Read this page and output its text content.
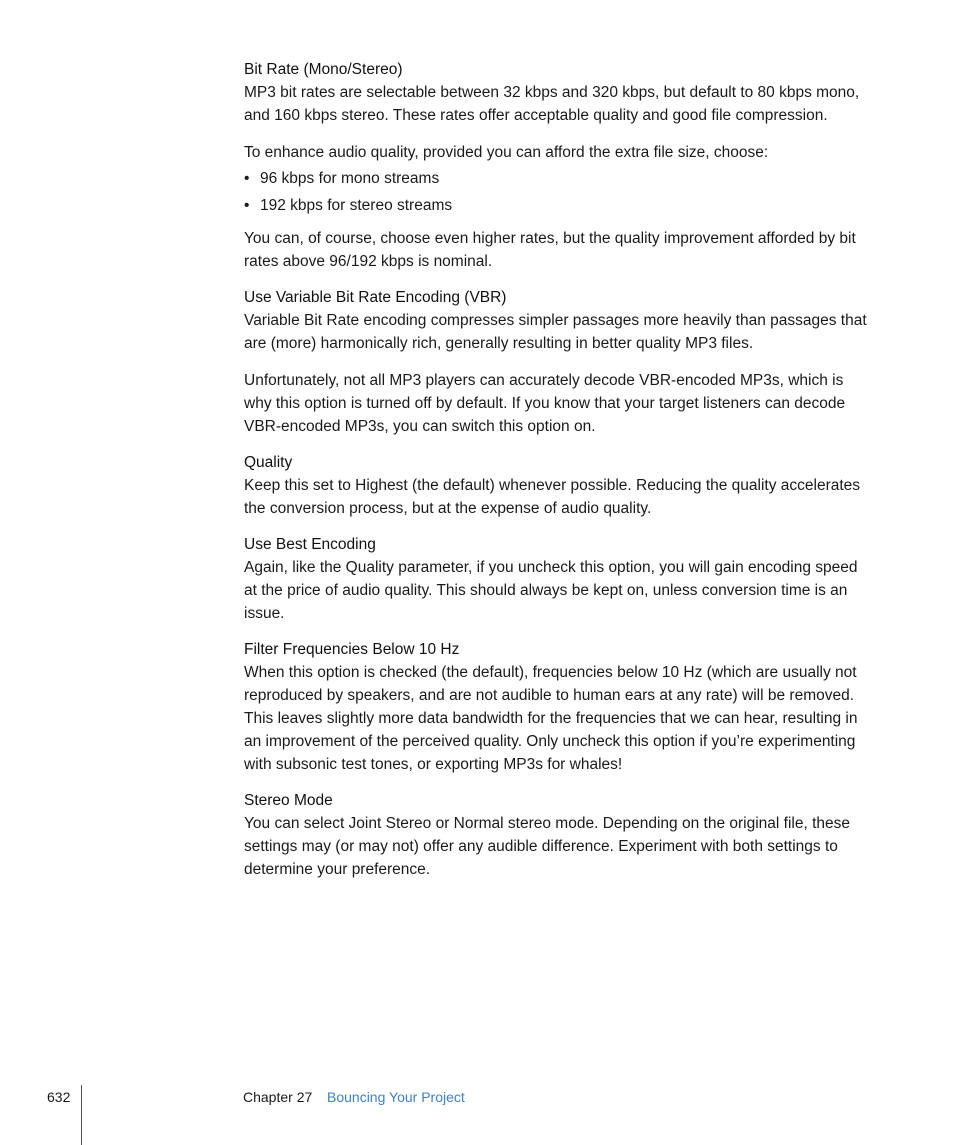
Bit Rate (Mono/Stereo)

MP3 bit rates are selectable between 32 kbps and 320 kbps, but default to 80 kbps mono, and 160 kbps stereo. These rates offer acceptable quality and good file compression.

To enhance audio quality, provided you can afford the extra file size, choose:

• 96 kbps for mono streams
• 192 kbps for stereo streams

You can, of course, choose even higher rates, but the quality improvement afforded by bit rates above 96/192 kbps is nominal.

Use Variable Bit Rate Encoding (VBR)

Variable Bit Rate encoding compresses simpler passages more heavily than passages that are (more) harmonically rich, generally resulting in better quality MP3 files.

Unfortunately, not all MP3 players can accurately decode VBR-encoded MP3s, which is why this option is turned off by default. If you know that your target listeners can decode VBR-encoded MP3s, you can switch this option on.

Quality

Keep this set to Highest (the default) whenever possible. Reducing the quality accelerates the conversion process, but at the expense of audio quality.

Use Best Encoding

Again, like the Quality parameter, if you uncheck this option, you will gain encoding speed at the price of audio quality. This should always be kept on, unless conversion time is an issue.

Filter Frequencies Below 10 Hz

When this option is checked (the default), frequencies below 10 Hz (which are usually not reproduced by speakers, and are not audible to human ears at any rate) will be removed. This leaves slightly more data bandwidth for the frequencies that we can hear, resulting in an improvement of the perceived quality. Only uncheck this option if you’re experimenting with subsonic test tones, or exporting MP3s for whales!

Stereo Mode

You can select Joint Stereo or Normal stereo mode. Depending on the original file, these settings may (or may not) offer any audible difference. Experiment with both settings to determine your preference.

632	Chapter 27 Bouncing Your Project
